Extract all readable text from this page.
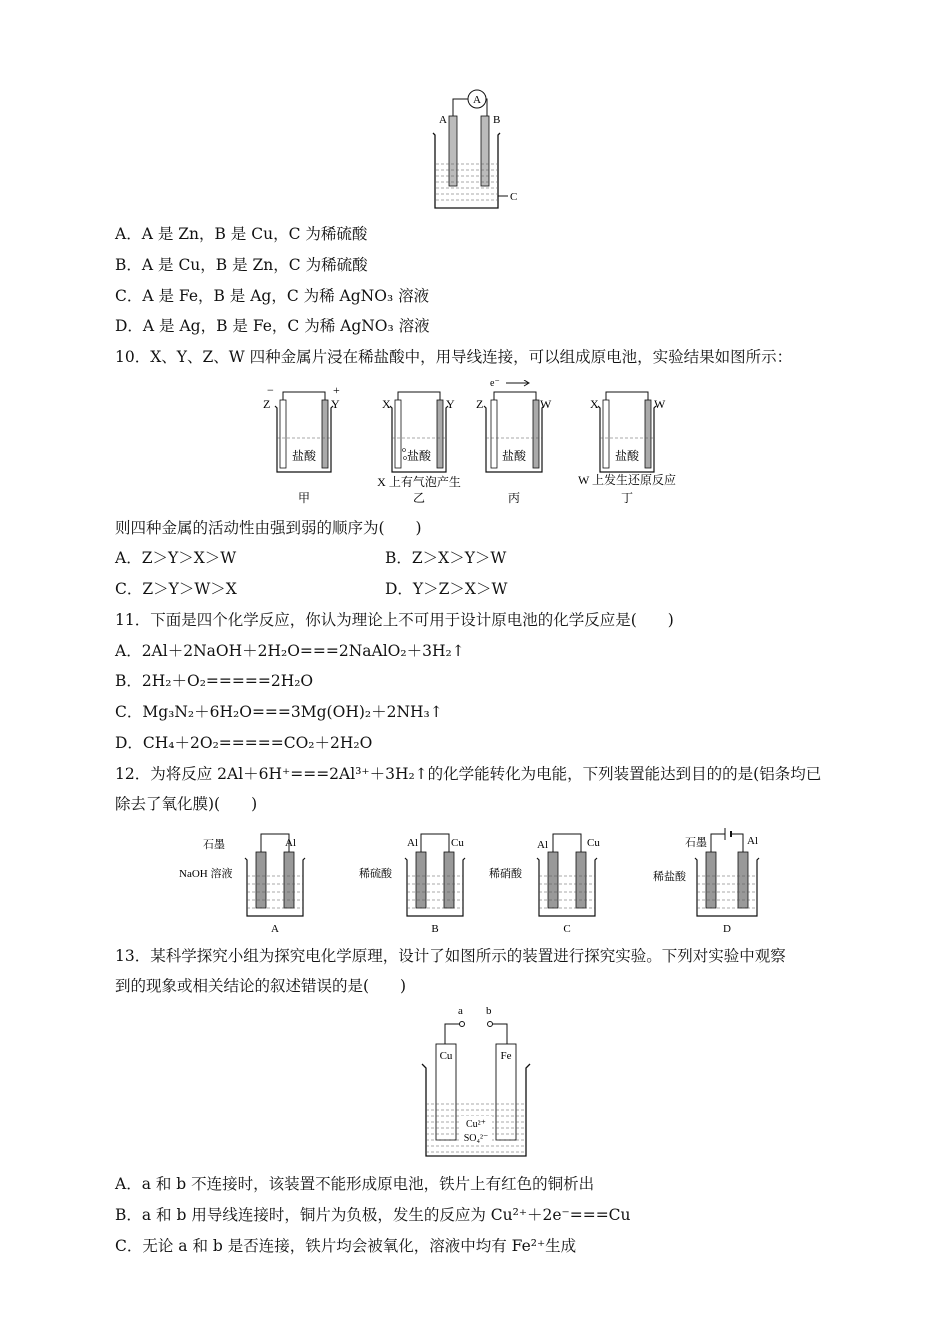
A
A	B
C
A．A 是 Zn，B 是 Cu，C 为稀硫酸
B．A 是 Cu，B 是 Zn，C 为稀硫酸
C．A 是 Fe，B 是 Ag，C 为稀 AgNO₃ 溶液
D．A 是 Ag，B 是 Fe，C 为稀 AgNO₃ 溶液
10．X、Y、Z、W 四种金属片浸在稀盐酸中，用导线连接，可以组成原电池，实验结果如图所示：
−	+
Z	Y
盐酸
甲
X	Y
盐酸
X 上有气泡产生
乙
e⁻
Z	W
盐酸
丙
X	W
盐酸
W 上发生还原反应
丁
则四种金属的活动性由强到弱的顺序为(　　)
A．Z＞Y＞X＞W	B．Z＞X＞Y＞W
C．Z＞Y＞W＞X	D．Y＞Z＞X＞W
11．下面是四个化学反应，你认为理论上不可用于设计原电池的化学反应是(　　)
A．2Al＋2NaOH＋2H₂O===2NaAlO₂＋3H₂↑
B．2H₂＋O₂=====2H₂O
C．Mg₃N₂＋6H₂O===3Mg(OH)₂＋2NH₃↑
D．CH₄＋2O₂=====CO₂＋2H₂O
12．为将反应 2Al＋6H⁺===2Al³⁺＋3H₂↑的化学能转化为电能，下列装置能达到目的的是(铝条均已
除去了氧化膜)(　　)
石墨	Al
NaOH 溶液
A
Al	Cu
稀硫酸
B
Al	Cu
稀硝酸
C
石墨	Al
稀盐酸
D
13．某科学探究小组为探究电化学原理，设计了如图所示的装置进行探究实验。下列对实验中观察
到的现象或相关结论的叙述错误的是(　　)
a b
Cu	Fe
Cu²⁺
SO₄²⁻
A．a 和 b 不连接时，该装置不能形成原电池，铁片上有红色的铜析出
B．a 和 b 用导线连接时，铜片为负极，发生的反应为 Cu²⁺＋2e⁻===Cu
C．无论 a 和 b 是否连接，铁片均会被氧化，溶液中均有 Fe²⁺生成
